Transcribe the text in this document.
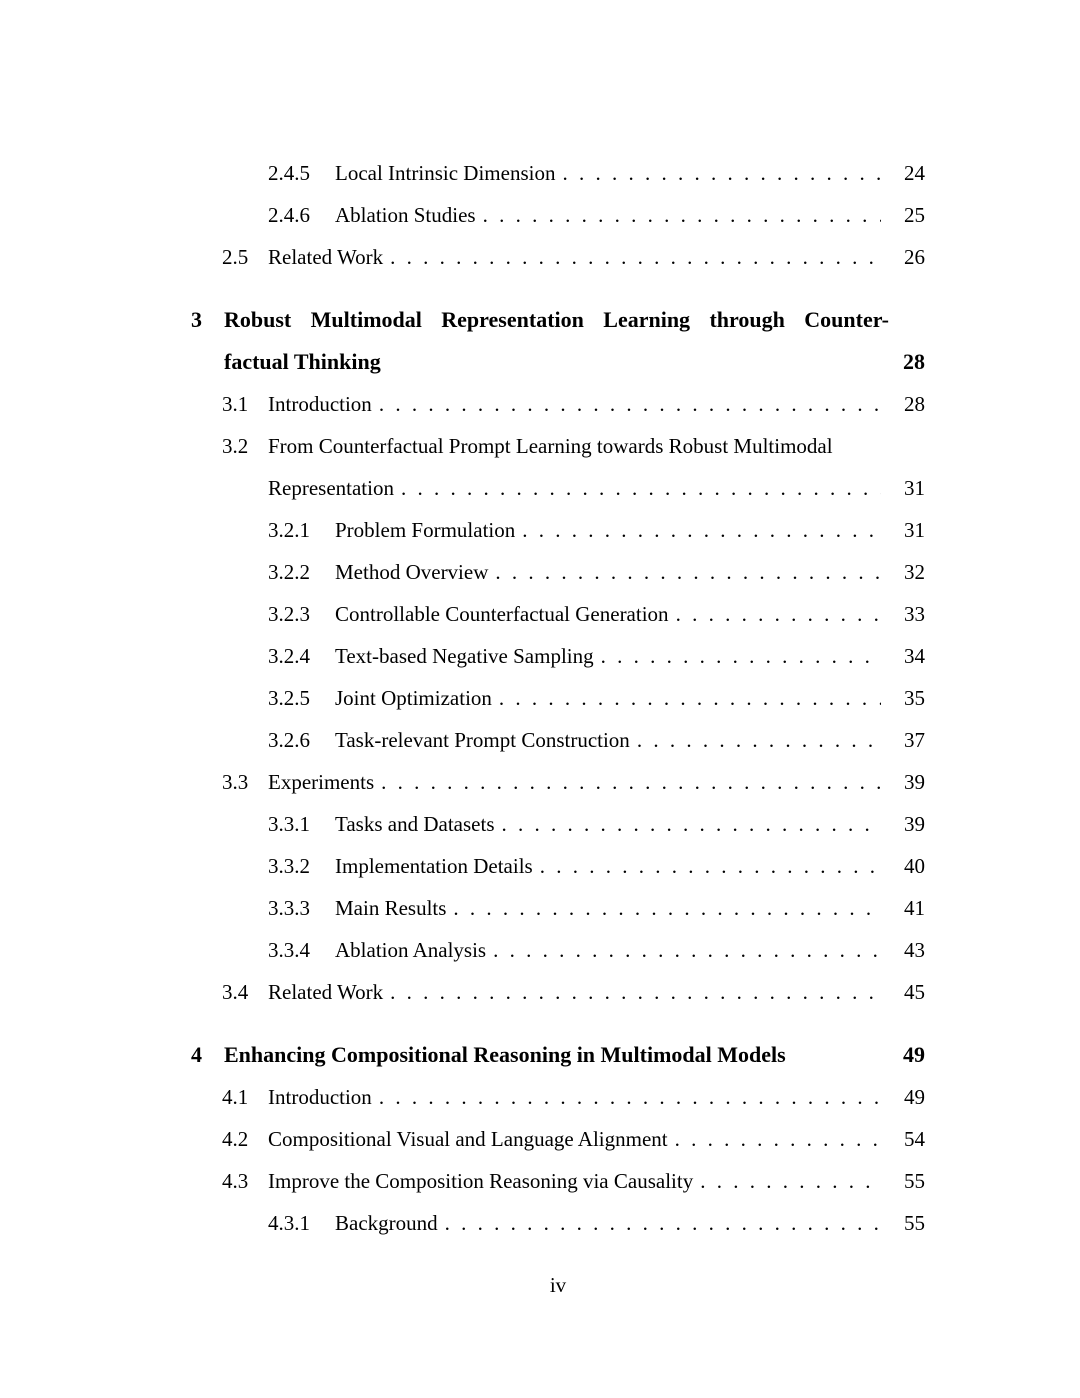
2.4.5	Local Intrinsic Dimension . . .	24
2.4.6	Ablation Studies . . .	25
2.5 Related Work . . .	26
3	Robust Multimodal Representation Learning through Counter-
factual Thinking	28
3.1 Introduction . . .	28
3.2 From Counterfactual Prompt Learning towards Robust Multimodal
Representation . . .	31
3.2.1	Problem Formulation . . .	31
3.2.2	Method Overview . . .	32
3.2.3	Controllable Counterfactual Generation . . .	33
3.2.4	Text-based Negative Sampling . . .	34
3.2.5	Joint Optimization . . .	35
3.2.6	Task-relevant Prompt Construction . . .	37
3.3 Experiments . . .	39
3.3.1	Tasks and Datasets . . .	39
3.3.2	Implementation Details . . .	40
3.3.3	Main Results . . .	41
3.3.4	Ablation Analysis . . .	43
3.4 Related Work . . .	45
4	Enhancing Compositional Reasoning in Multimodal Models	49
4.1 Introduction . . .	49
4.2 Compositional Visual and Language Alignment . . .	54
4.3 Improve the Composition Reasoning via Causality . . .	55
4.3.1	Background . . .	55
iv
